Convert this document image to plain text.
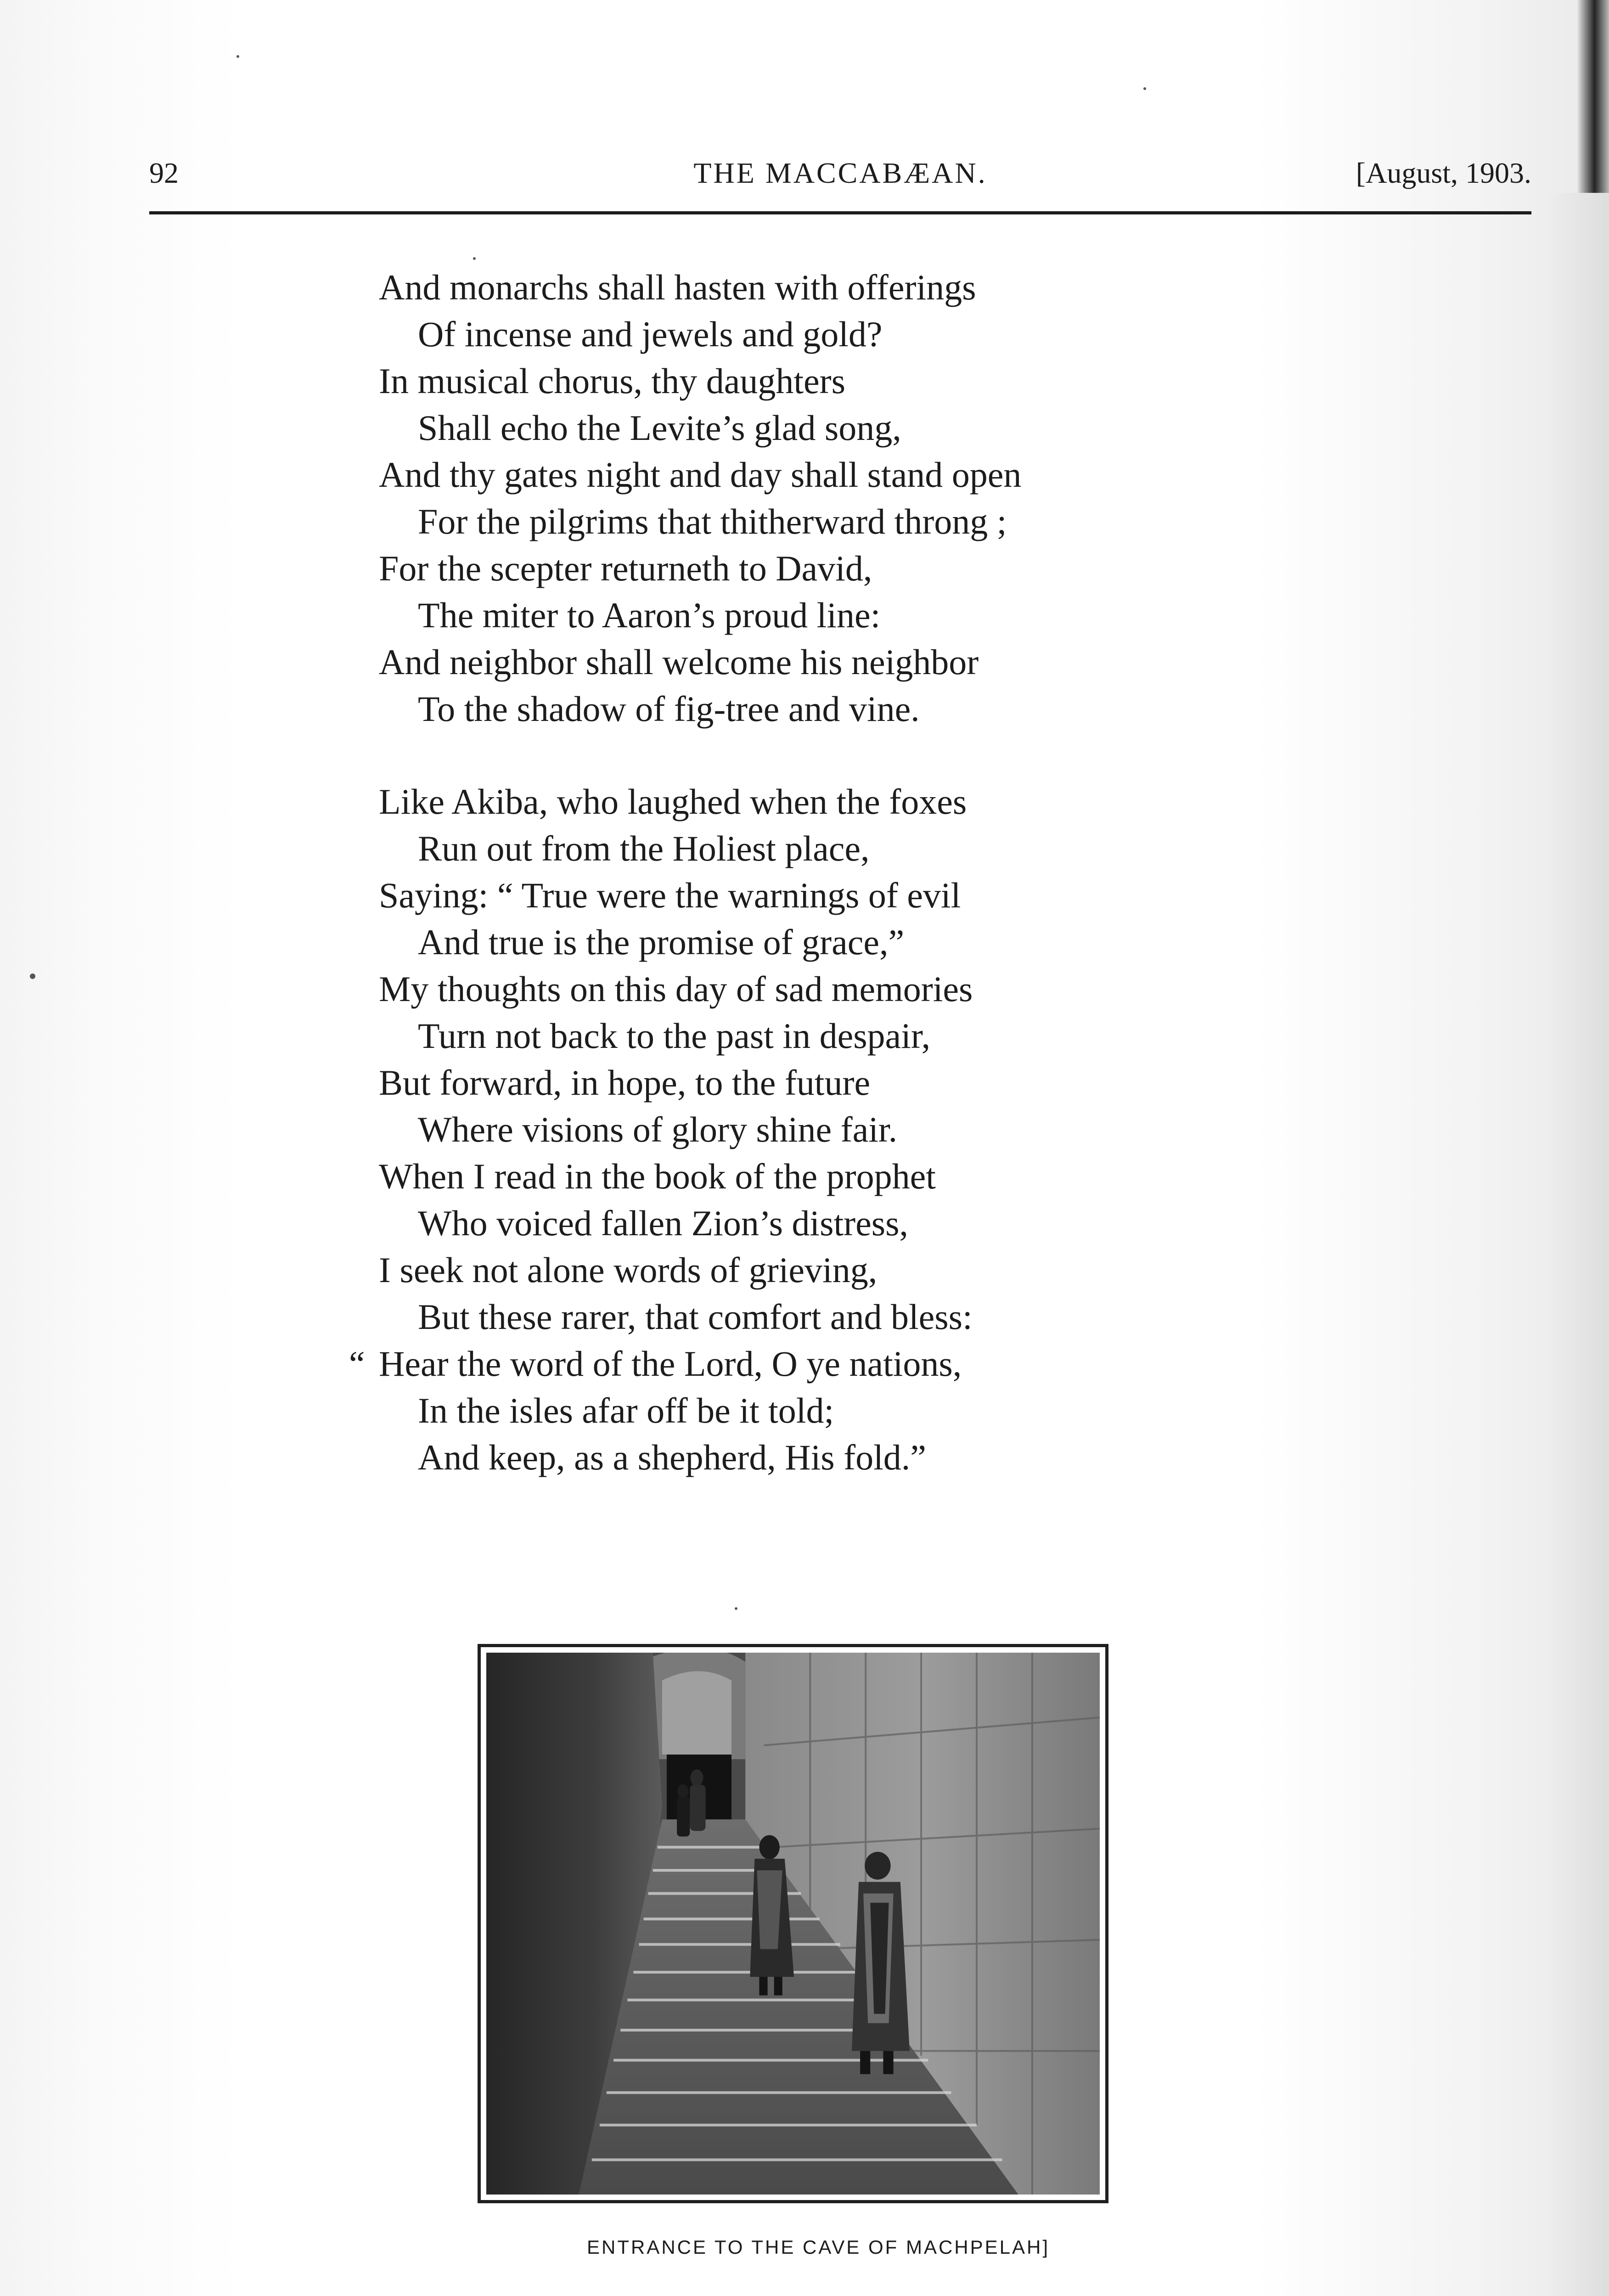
92	THE MACCABÆAN.	[August, 1903.
And monarchs shall hasten with offerings
Of incense and jewels and gold?
In musical chorus, thy daughters
Shall echo the Levite’s glad song,
And thy gates night and day shall stand open
For the pilgrims that thitherward throng ;
For the scepter returneth to David,
The miter to Aaron’s proud line:
And neighbor shall welcome his neighbor
To the shadow of fig-tree and vine.
Like Akiba, who laughed when the foxes
Run out from the Holiest place,
Saying: “ True were the warnings of evil
And true is the promise of grace,”
My thoughts on this day of sad memories
Turn not back to the past in despair,
But forward, in hope, to the future
Where visions of glory shine fair.
When I read in the book of the prophet
Who voiced fallen Zion’s distress,
I seek not alone words of grieving,
But these rarer, that comfort and bless:
“ Hear the word of the Lord, O ye nations,
In the isles afar off be it told;
And keep, as a shepherd, His fold.”
ENTRANCE TO THE CAVE OF MACHPELAH]
